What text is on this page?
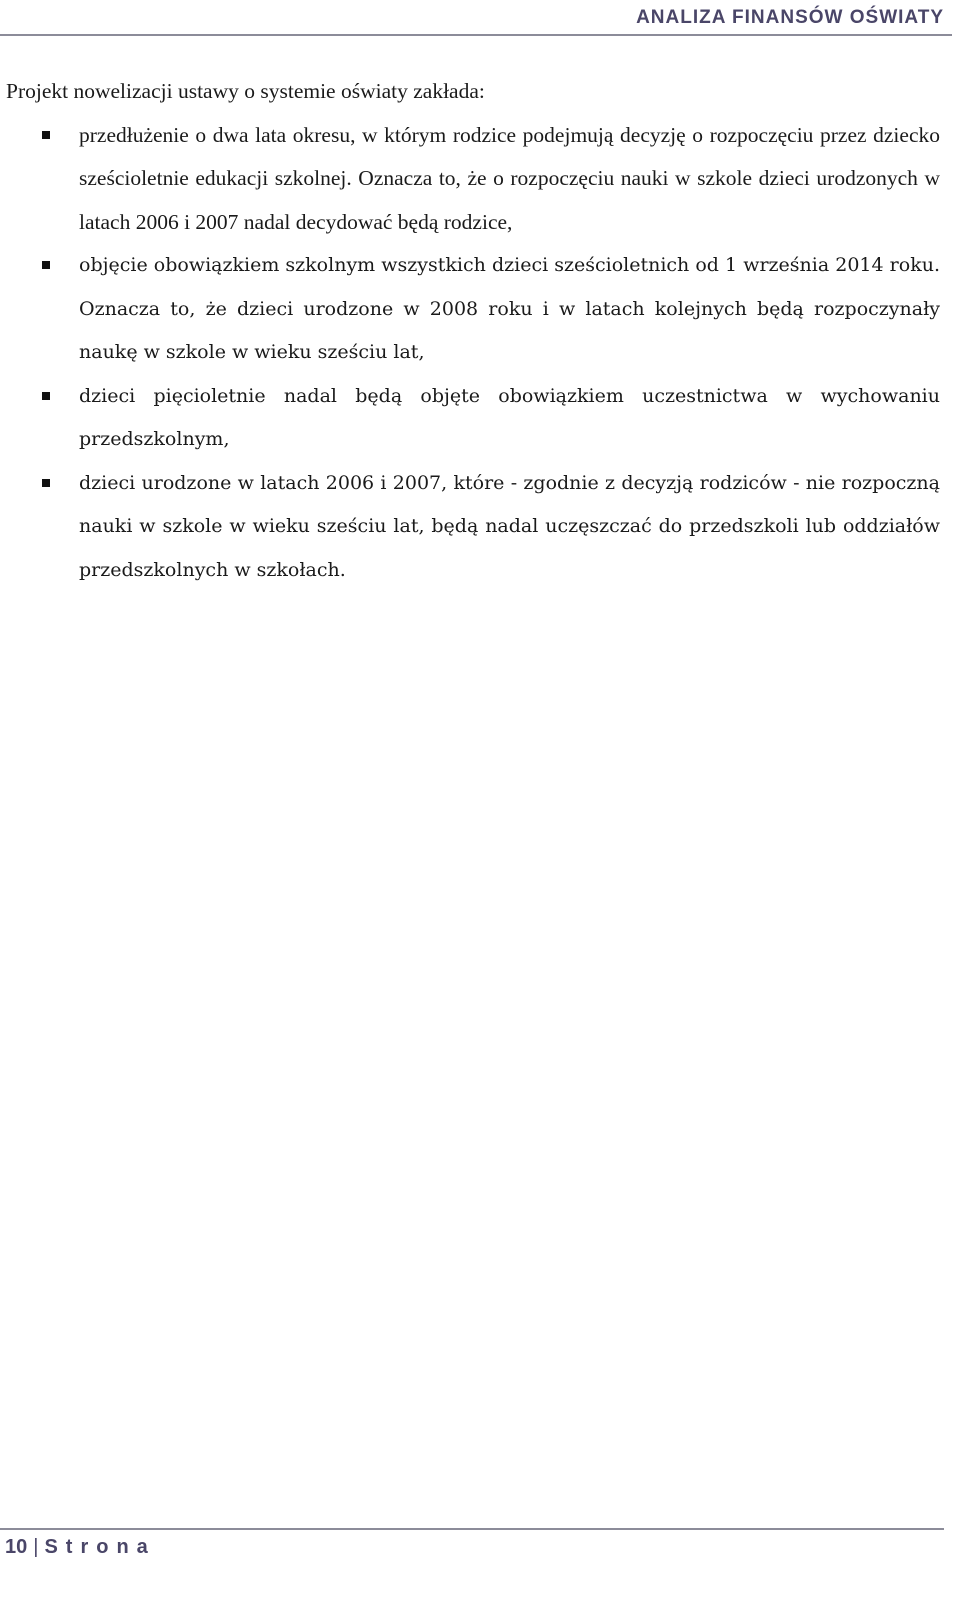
ANALIZA FINANSÓW OŚWIATY

Projekt nowelizacji ustawy o systemie oświaty zakłada:

przedłużenie o dwa lata okresu, w którym rodzice podejmują decyzję o rozpoczęciu przez dziecko sześcioletnie edukacji szkolnej. Oznacza to, że o rozpoczęciu nauki w szkole dzieci urodzonych w latach 2006 i 2007 nadal decydować będą rodzice,
objęcie obowiązkiem szkolnym wszystkich dzieci sześcioletnich od 1 września 2014 roku. Oznacza to, że dzieci urodzone w 2008 roku i w latach kolejnych będą rozpoczynały naukę w szkole w wieku sześciu lat,
dzieci pięcioletnie nadal będą objęte obowiązkiem uczestnictwa w wychowaniu przedszkolnym,
dzieci urodzone w latach 2006 i 2007, które - zgodnie z decyzją rodziców - nie rozpoczną nauki w szkole w wieku sześciu lat, będą nadal uczęszczać do przedszkoli lub oddziałów przedszkolnych w szkołach.
10 | Strona
